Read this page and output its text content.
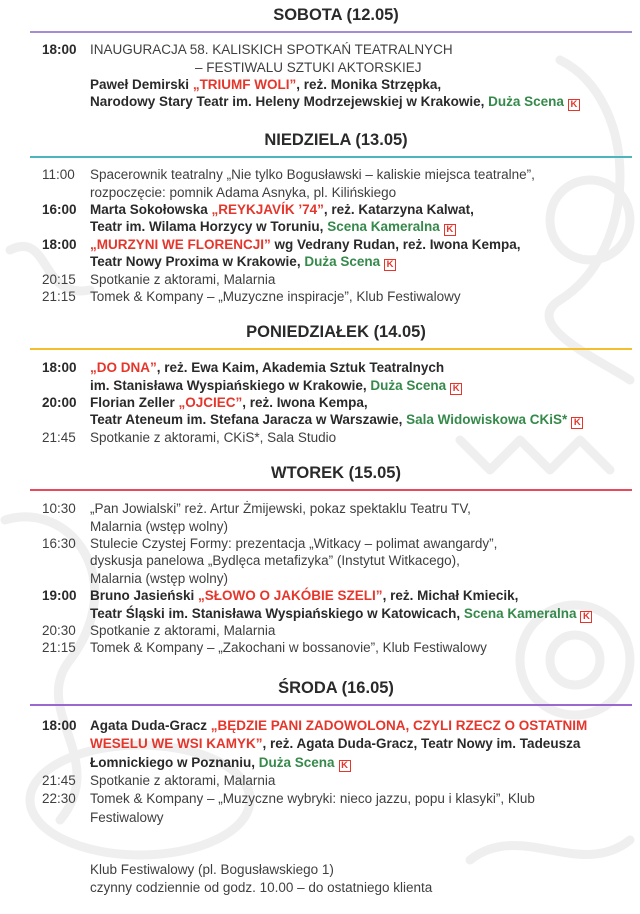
SOBOTA (12.05)
18:00 INAUGURACJA 58. KALISKICH SPOTKAŃ TEATRALNYCH
– FESTIWALU SZTUKI AKTORSKIEJ
Paweł Demirski „TRIUMF WOLI”, reż. Monika Strzępka,
Narodowy Stary Teatr im. Heleny Modrzejewskiej w Krakowie, Duża Scena K
NIEDZIELA (13.05)
11:00 Spacerownik teatralny „Nie tylko Bogusławski – kaliskie miejsca teatralne”,
rozpoczęcie: pomnik Adama Asnyka, pl. Kilińskiego
16:00 Marta Sokołowska „REYKJAVÍK ’74”, reż. Katarzyna Kalwat,
Teatr im. Wilama Horzycy w Toruniu, Scena Kameralna K
18:00 „MURZYNI WE FLORENCJI” wg Vedrany Rudan, reż. Iwona Kempa,
Teatr Nowy Proxima w Krakowie, Duża Scena K
20:15 Spotkanie z aktorami, Malarnia
21:15 Tomek & Kompany – „Muzyczne inspiracje”, Klub Festiwalowy
PONIEDZIAŁEK (14.05)
18:00 „DO DNA”, reż. Ewa Kaim, Akademia Sztuk Teatralnych
im. Stanisława Wyspiańskiego w Krakowie, Duża Scena K
20:00 Florian Zeller „OJCIEC”, reż. Iwona Kempa,
Teatr Ateneum im. Stefana Jaracza w Warszawie, Sala Widowiskowa CKiS* K
21:45 Spotkanie z aktorami, CKiS*, Sala Studio
WTOREK (15.05)
10:30 „Pan Jowialski” reż. Artur Żmijewski, pokaz spektaklu Teatru TV,
Malarnia (wstęp wolny)
16:30 Stulecie Czystej Formy: prezentacja „Witkacy – polimat awangardy”,
dyskusja panelowa „Bydlęca metafizyka” (Instytut Witkacego),
Malarnia (wstęp wolny)
19:00 Bruno Jasieński „SŁOWO O JAKÓBIE SZELI”, reż. Michał Kmiecik,
Teatr Śląski im. Stanisława Wyspiańskiego w Katowicach, Scena Kameralna K
20:30 Spotkanie z aktorami, Malarnia
21:15 Tomek & Kompany – „Zakochani w bossanovie”, Klub Festiwalowy
ŚRODA (16.05)
18:00 Agata Duda-Gracz „BĘDZIE PANI ZADOWOLONA, CZYLI RZECZ O OSTATNIM
WESELU WE WSI KAMYK”, reż. Agata Duda-Gracz, Teatr Nowy im. Tadeusza
Łomnickiego w Poznaniu, Duża Scena K
21:45 Spotkanie z aktorami, Malarnia
22:30 Tomek & Kompany – „Muzyczne wybryki: nieco jazzu, popu i klasyki”, Klub
Festiwalowy
Klub Festiwalowy (pl. Bogusławskiego 1)
czynny codziennie od godz. 10.00 – do ostatniego klienta
